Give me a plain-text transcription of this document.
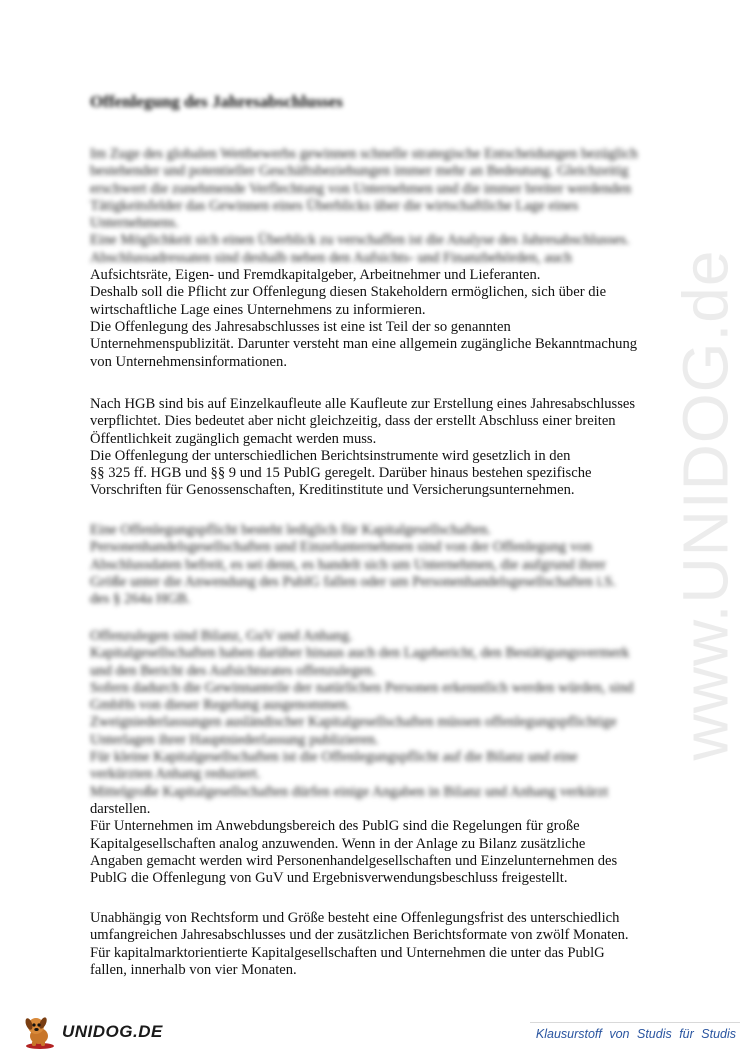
www.UNIDOG.de
Offenlegung des Jahresabschlusses
Im Zuge des globalen Wettbewerbs gewinnen schnelle strategische Entscheidungen bezüglich
bestehender und potentieller Geschäftsbeziehungen immer mehr an Bedeutung. Gleichzeitig
erschwert die zunehmende Verflechtung von Unternehmen und die immer breiter werdenden
Tätigkeitsfelder das Gewinnen eines Überblicks über die wirtschaftliche Lage eines
Unternehmens.
Eine Möglichkeit sich einen Überblick zu verschaffen ist die Analyse des Jahresabschlusses.
Abschlussadressaten sind deshalb neben den Aufsichts- und Finanzbehörden, auch
Aufsichtsräte, Eigen- und Fremdkapitalgeber, Arbeitnehmer und Lieferanten.
Deshalb soll die Pflicht zur Offenlegung diesen Stakeholdern ermöglichen, sich über die
wirtschaftliche Lage eines Unternehmens zu informieren.
Die Offenlegung des Jahresabschlusses ist eine ist Teil der so genannten
Unternehmenspublizität. Darunter versteht man eine allgemein zugängliche Bekanntmachung
von Unternehmensinformationen.
Nach HGB sind bis auf Einzelkaufleute alle Kaufleute zur Erstellung eines Jahresabschlusses
verpflichtet. Dies bedeutet aber nicht gleichzeitig, dass der erstellt Abschluss einer breiten
Öffentlichkeit zugänglich gemacht werden muss.
Die Offenlegung der unterschiedlichen Berichtsinstrumente wird gesetzlich in den
§§ 325 ff. HGB und §§ 9 und 15 PublG geregelt. Darüber hinaus bestehen spezifische
Vorschriften für Genossenschaften, Kreditinstitute und Versicherungsunternehmen.
Eine Offenlegungspflicht besteht lediglich für Kapitalgesellschaften.
Personenhandelsgesellschaften und Einzelunternehmen sind von der Offenlegung von
Abschlussdaten befreit, es sei denn, es handelt sich um Unternehmen, die aufgrund ihrer
Größe unter die Anwendung des PublG fallen oder um Personenhandelsgesellschaften i.S.
des § 264a HGB.
Offenzulegen sind Bilanz, GuV und Anhang.
Kapitalgesellschaften haben darüber hinaus auch den Lagebericht, den Bestätigungsvermerk
und den Bericht des Aufsichtsrates offenzulegen.
Sofern dadurch die Gewinnanteile der natürlichen Personen erkenntlich werden würden, sind
GmbHs von dieser Regelung ausgenommen.
Zweigniederlassungen ausländischer Kapitalgesellschaften müssen offenlegungspflichtige
Unterlagen ihrer Hauptniederlassung publizieren.
Für kleine Kapitalgesellschaften ist die Offenlegungspflicht auf die Bilanz und eine
verkürzten Anhang reduziert.
Mittelgroße Kapitalgesellschaften dürfen einige Angaben in Bilanz und Anhang verkürzt
darstellen.
Für Unternehmen im Anwebdungsbereich des PublG sind die Regelungen für große
Kapitalgesellschaften analog anzuwenden. Wenn in der Anlage zu Bilanz zusätzliche
Angaben gemacht werden wird Personenhandelgesellschaften und Einzelunternehmen des
PublG die Offenlegung von GuV und Ergebnisverwendungsbeschluss freigestellt.
Unabhängig von Rechtsform und Größe besteht eine Offenlegungsfrist des unterschiedlich
umfangreichen Jahresabschlusses und der zusätzlichen Berichtsformate von zwölf Monaten.
Für kapitalmarktorientierte Kapitalgesellschaften und Unternehmen die unter das PublG
fallen, innerhalb von vier Monaten.
UNIDOG.DE	Klausurstoff von Studis für Studis
